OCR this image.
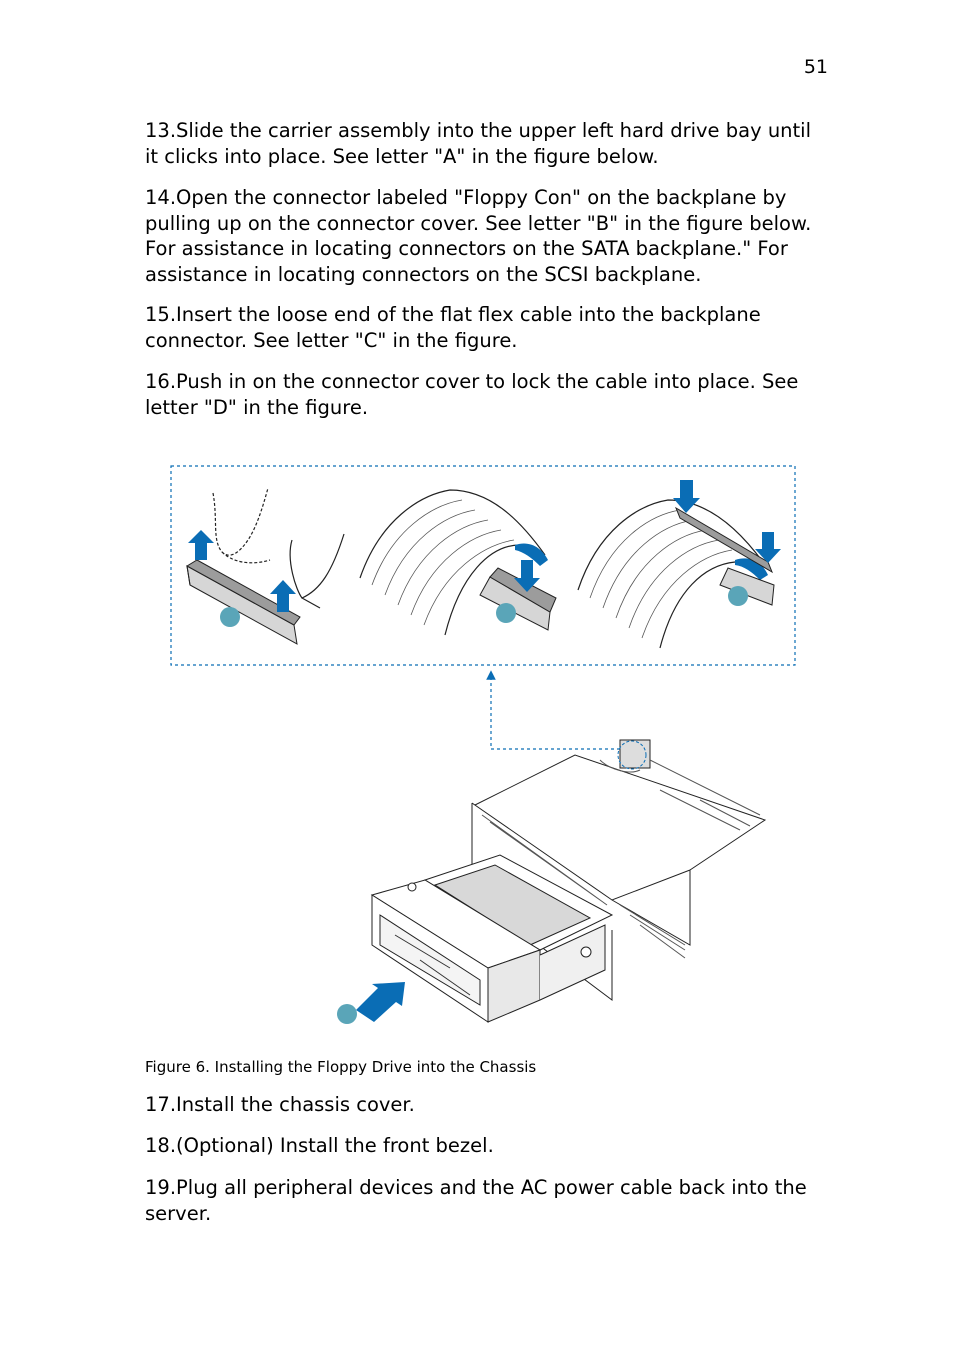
51

13.Slide the carrier assembly into the upper left hard drive bay until it clicks into place. See letter "A" in the figure below.

14.Open the connector labeled "Floppy Con" on the backplane by pulling up on the connector cover. See letter "B" in the figure below. For assistance in locating connectors on the SATA backplane." For assistance in locating connectors on the SCSI backplane.

15.Insert the loose end of the flat flex cable into the backplane connector. See letter "C" in the figure.

16.Push in on the connector cover to lock the cable into place. See letter "D" in the figure.

Figure 6. Installing the Floppy Drive into the Chassis

17.Install the chassis cover.

18.(Optional) Install the front bezel.

19.Plug all peripheral devices and the AC power cable back into the server.
